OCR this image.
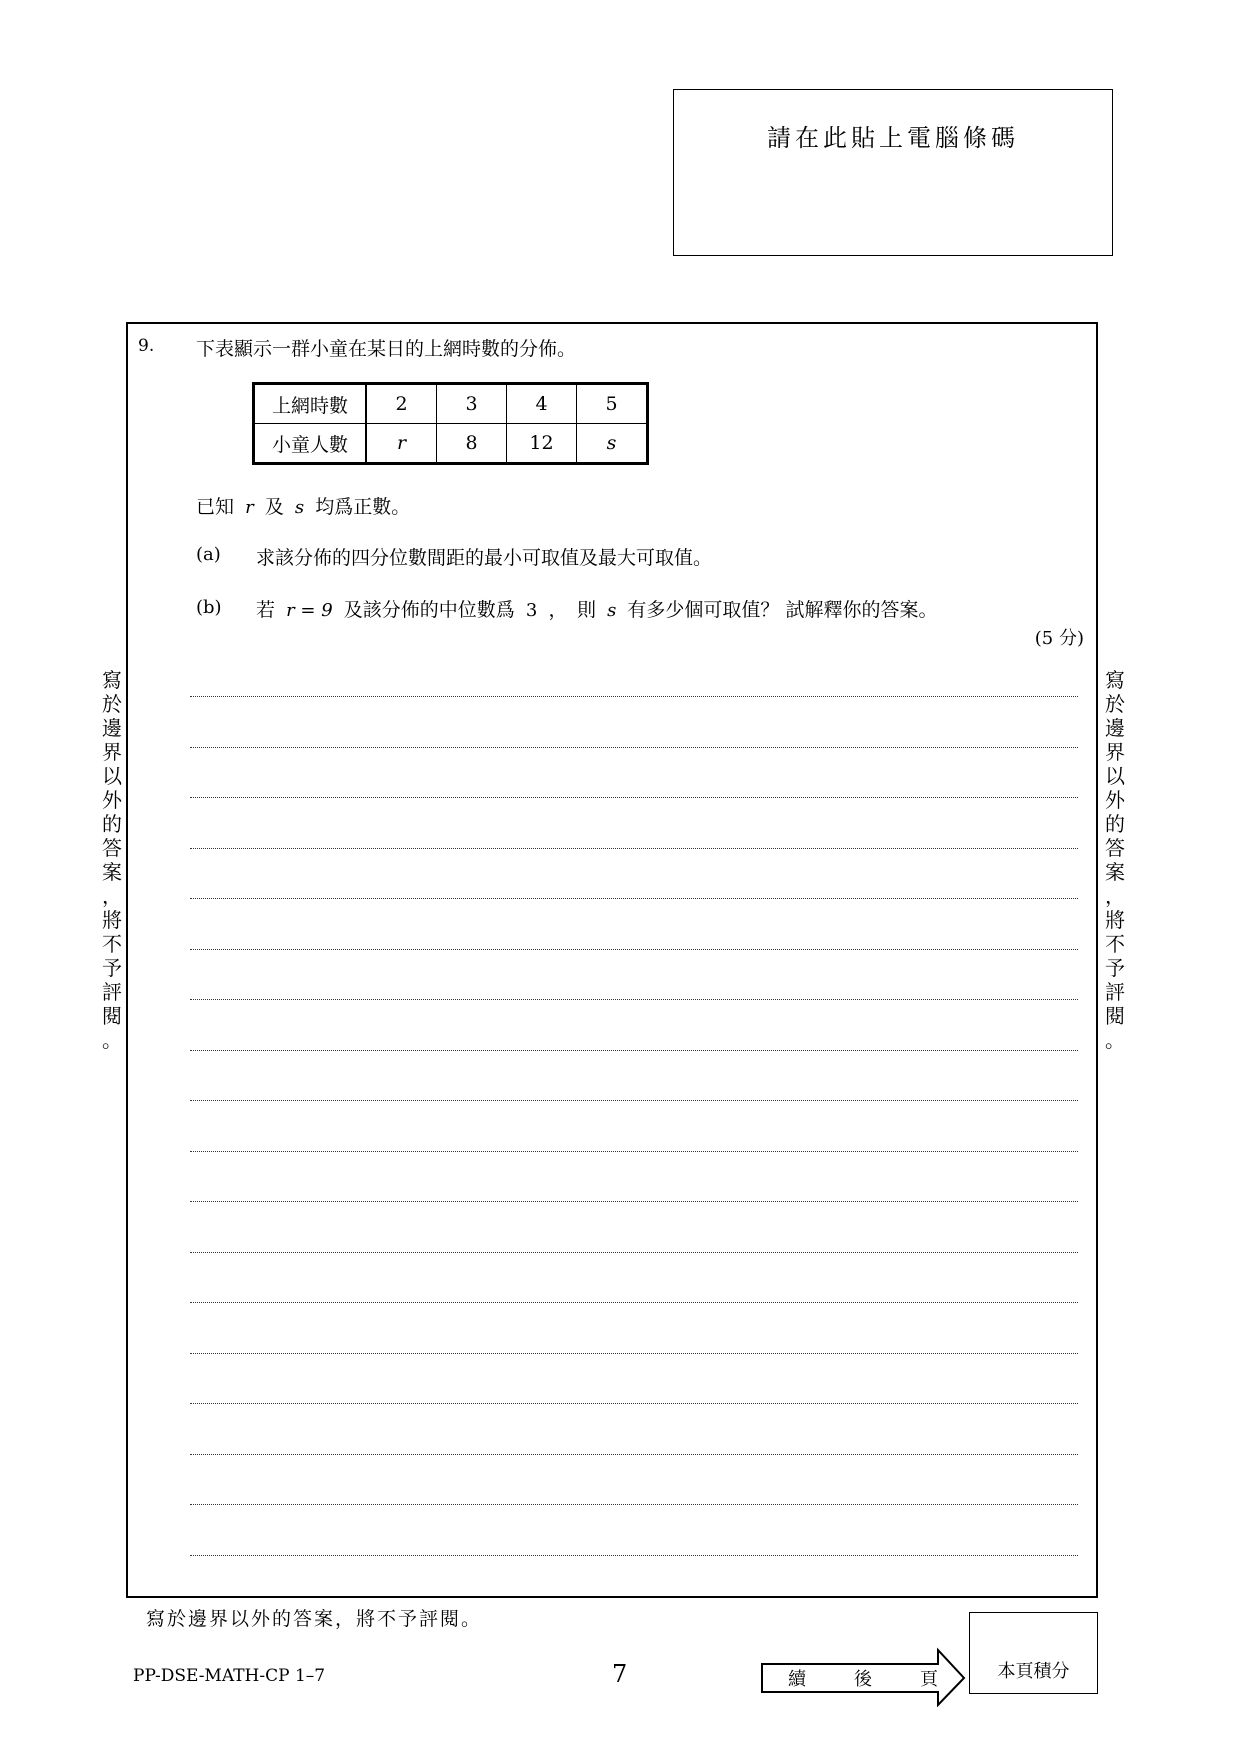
請在此貼上電腦條碼
9. 下表顯示一群小童在某日的上網時數的分佈。
上網時數	2	3	4	5
小童人數	r	8	12	s
已知 r 及 s 均爲正數。
(a) 求該分佈的四分位數間距的最小可取值及最大可取值。
(b) 若 r = 9 及該分佈的中位數爲 3 ，　則 s 有多少個可取值？ 試解釋你的答案。
(5 分)
寫
於
邊
界
以
外
的
答
案
，
將
不
予
評
閱
。
寫
於
邊
界
以
外
的
答
案
，
將
不
予
評
閱
。
寫於邊界以外的答案，將不予評閱。
PP-DSE-MATH-CP 1–7	7	續	後	頁	本頁積分
